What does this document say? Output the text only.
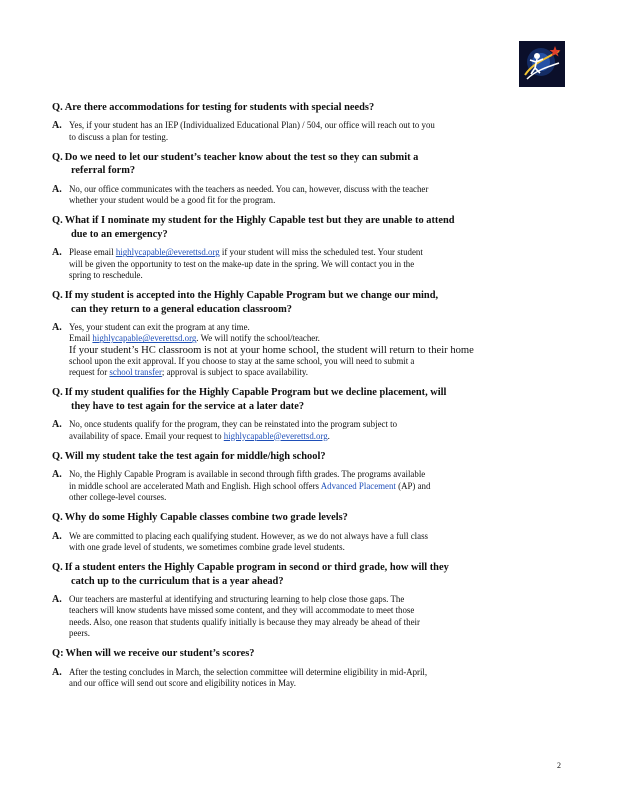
Q. Are there accommodations for testing for students with special needs?
A. Yes, if your student has an IEP (Individualized Educational Plan) / 504, our office will reach out to you
to discuss a plan for testing.
Q. Do we need to let our student’s teacher know about the test so they can submit a
referral form?
A. No, our office communicates with the teachers as needed. You can, however, discuss with the teacher
whether your student would be a good fit for the program.
Q. What if I nominate my student for the Highly Capable test but they are unable to attend
due to an emergency?
A. Please email highlycapable@everettsd.org if your student will miss the scheduled test. Your student
will be given the opportunity to test on the make-up date in the spring. We will contact you in the
spring to reschedule.
Q. If my student is accepted into the Highly Capable Program but we change our mind,
can they return to a general education classroom?
A. Yes, your student can exit the program at any time.
Email highlycapable@everettsd.org. We will notify the school/teacher.
If your student’s HC classroom is not at your home school, the student will return to their home
school upon the exit approval. If you choose to stay at the same school, you will need to submit a
request for school transfer; approval is subject to space availability.
Q. If my student qualifies for the Highly Capable Program but we decline placement, will
they have to test again for the service at a later date?
A. No, once students qualify for the program, they can be reinstated into the program subject to
availability of space. Email your request to highlycapable@everettsd.org.
Q. Will my student take the test again for middle/high school?
A. No, the Highly Capable Program is available in second through fifth grades. The programs available
in middle school are accelerated Math and English. High school offers Advanced Placement (AP) and
other college-level courses.
Q. Why do some Highly Capable classes combine two grade levels?
A. We are committed to placing each qualifying student. However, as we do not always have a full class
with one grade level of students, we sometimes combine grade level students.
Q. If a student enters the Highly Capable program in second or third grade, how will they
catch up to the curriculum that is a year ahead?
A. Our teachers are masterful at identifying and structuring learning to help close those gaps. The
teachers will know students have missed some content, and they will accommodate to meet those
needs. Also, one reason that students qualify initially is because they may already be ahead of their
peers.
Q: When will we receive our student’s scores?
A. After the testing concludes in March, the selection committee will determine eligibility in mid-April,
and our office will send out score and eligibility notices in May.
2
